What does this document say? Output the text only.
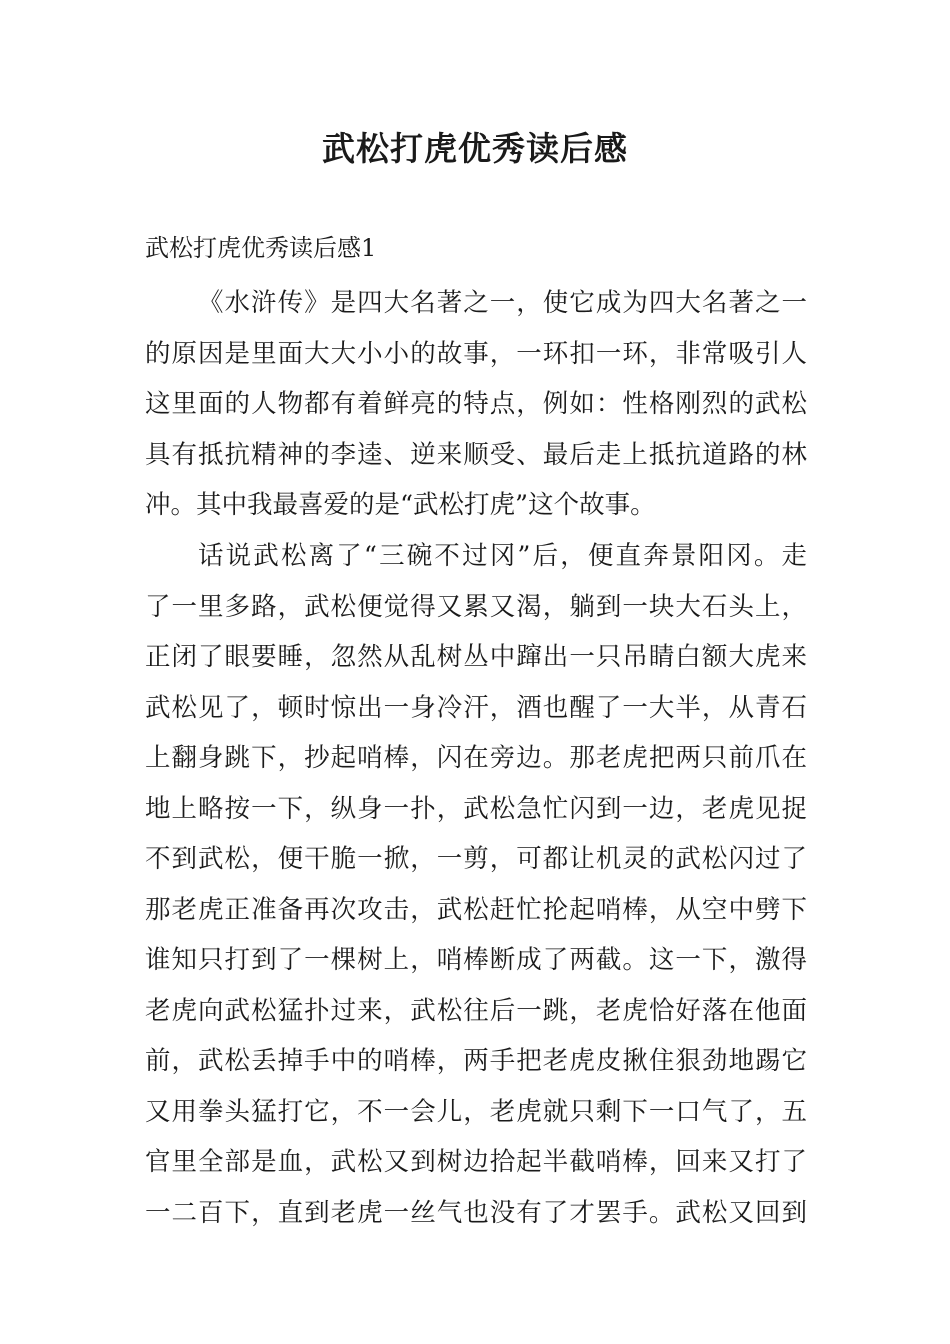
武松打虎优秀读后感

武松打虎优秀读后感1

《水浒传》是四大名著之一，使它成为四大名著之一
的原因是里面大大小小的故事，一环扣一环，非常吸引人
这里面的人物都有着鲜亮的特点，例如：性格刚烈的武松
具有抵抗精神的李逵、逆来顺受、最后走上抵抗道路的林
冲。其中我最喜爱的是“武松打虎”这个故事。
话说武松离了“三碗不过冈”后，便直奔景阳冈。走
了一里多路，武松便觉得又累又渴，躺到一块大石头上，
正闭了眼要睡，忽然从乱树丛中蹿出一只吊睛白额大虎来
武松见了，顿时惊出一身冷汗，酒也醒了一大半，从青石
上翻身跳下，抄起哨棒，闪在旁边。那老虎把两只前爪在
地上略按一下，纵身一扑，武松急忙闪到一边，老虎见捉
不到武松，便干脆一掀，一剪，可都让机灵的武松闪过了
那老虎正准备再次攻击，武松赶忙抡起哨棒，从空中劈下
谁知只打到了一棵树上，哨棒断成了两截。这一下，激得
老虎向武松猛扑过来，武松往后一跳，老虎恰好落在他面
前，武松丢掉手中的哨棒，两手把老虎皮揪住狠劲地踢它
又用拳头猛打它，不一会儿，老虎就只剩下一口气了，五
官里全部是血，武松又到树边拾起半截哨棒，回来又打了
一二百下，直到老虎一丝气也没有了才罢手。武松又回到
